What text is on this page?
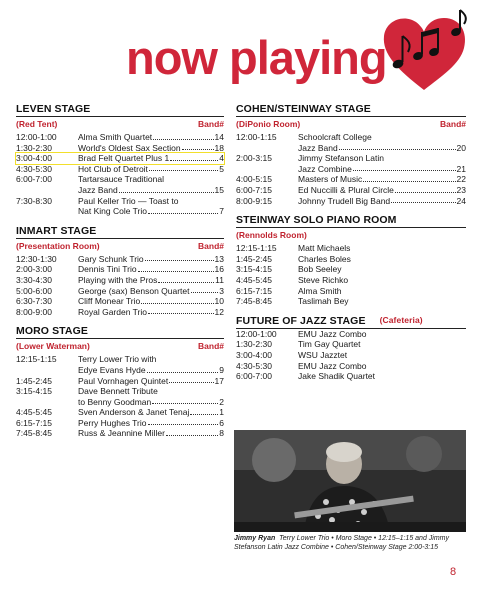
now playing
LEVEN STAGE
(Red Tent)	Band#
12:00-1:00	Alma Smith Quartet	14
1:30-2:30	World's Oldest Sax Section	18
3:00-4:00	Brad Felt Quartet Plus 1	4
4:30-5:30	Hot Club of Detroit	5
6:00-7:00	Tartarsauce Traditional
Jazz Band	15
7:30-8:30	Paul Keller Trio — Toast to
Nat King Cole Trio	7
INMART STAGE
(Presentation Room)	Band#
12:30-1:30	Gary Schunk Trio	13
2:00-3:00	Dennis Tini Trio	16
3:30-4:30	Playing with the Pros	11
5:00-6:00	George (sax) Benson Quartet	3
6:30-7:30	Cliff Monear Trio	10
8:00-9:00	Royal Garden Trio	12
MORO STAGE
(Lower Waterman)	Band#
12:15-1:15	Terry Lower Trio with
Edye Evans Hyde	9
1:45-2:45	Paul Vornhagen Quintet	17
3:15-4:15	Dave Bennett Tribute
to Benny Goodman	2
4:45-5:45	Sven Anderson & Janet Tenaj	1
6:15-7:15	Perry Hughes Trio	6
7:45-8:45	Russ & Jeannine Miller	8
COHEN/STEINWAY STAGE
(DiPonio Room)	Band#
12:00-1:15	Schoolcraft College
Jazz Band	20
2:00-3:15	Jimmy Stefanson Latin
Jazz Combine	21
4:00-5:15	Masters of Music	22
6:00-7:15	Ed Nuccilli & Plural Circle	23
8:00-9:15	Johnny Trudell Big Band	24
STEINWAY SOLO PIANO ROOM
(Rennolds Room)
12:15-1:15	Matt Michaels
1:45-2:45	Charles Boles
3:15-4:15	Bob Seeley
4:45-5:45	Steve Richko
6:15-7:15	Alma Smith
7:45-8:45	Taslimah Bey
FUTURE OF JAZZ STAGE (Cafeteria)
12:00-1:00	EMU Jazz Combo
1:30-2:30	Tim Gay Quartet
3:00-4:00	WSU Jazztet
4:30-5:30	EMU Jazz Combo
6:00-7:00	Jake Shadik Quartet
Jimmy Ryan Terry Lower Trio • Moro Stage • 12:15–1:15 and Jimmy Stefanson Latin Jazz Combine • Cohen/Steinway Stage 2:00-3:15
8
